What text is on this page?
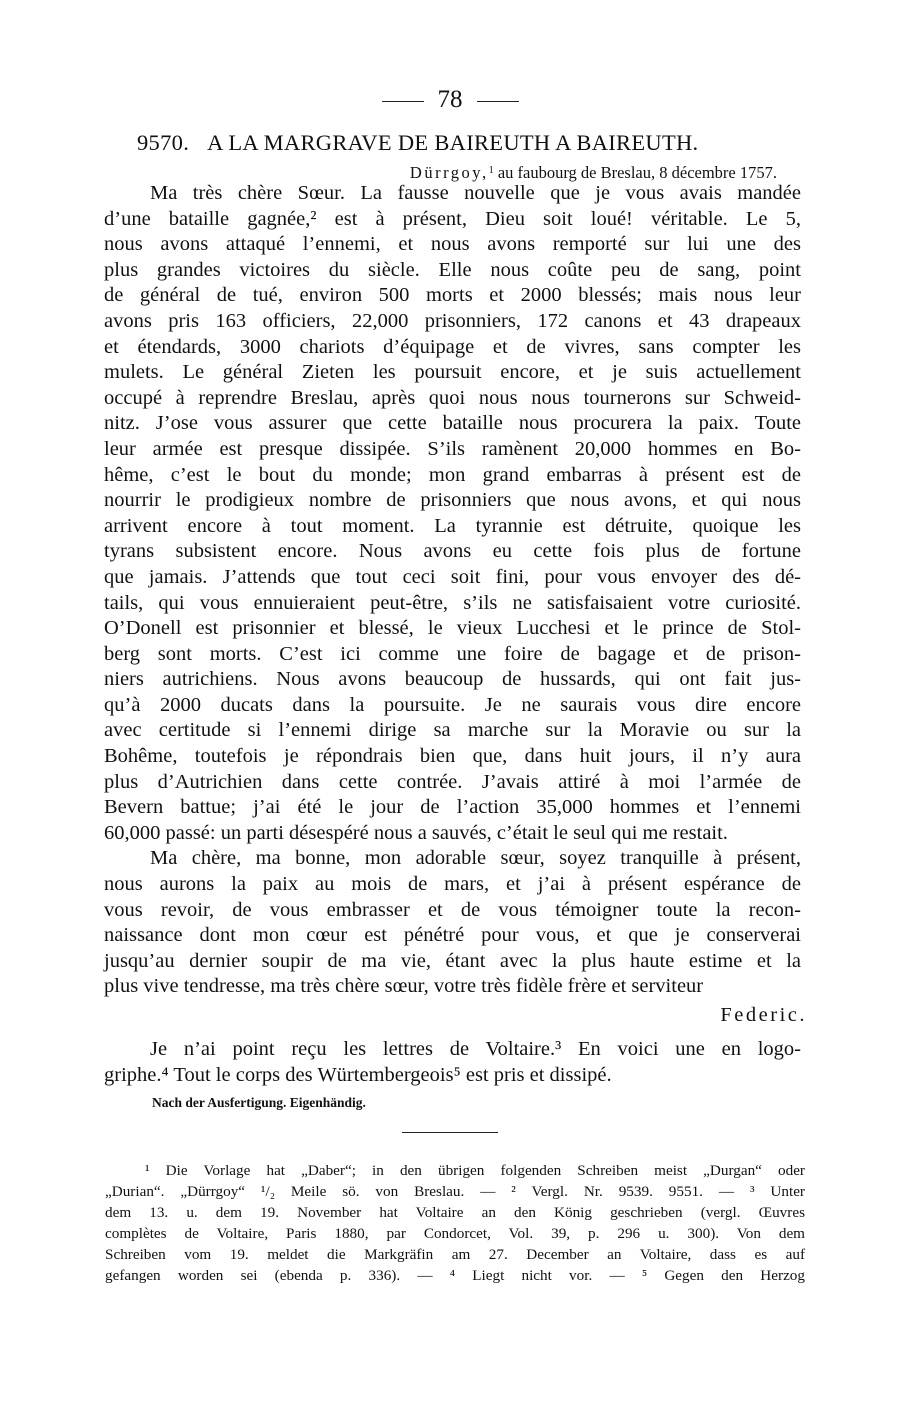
78
9570. A LA MARGRAVE DE BAIREUTH A BAIREUTH.
Dürrgoy,$^1$ au faubourg de Breslau, 8 décembre 1757.
Ma très chère Sœur. La fausse nouvelle que je vous avais mandée
d’une bataille gagnée,² est à présent, Dieu soit loué! véritable. Le 5,
nous avons attaqué l’ennemi, et nous avons remporté sur lui une des
plus grandes victoires du siècle. Elle nous coûte peu de sang, point
de général de tué, environ 500 morts et 2000 blessés; mais nous leur
avons pris 163 officiers, 22,000 prisonniers, 172 canons et 43 drapeaux
et étendards, 3000 chariots d’équipage et de vivres, sans compter les
mulets. Le général Zieten les poursuit encore, et je suis actuellement
occupé à reprendre Breslau, après quoi nous nous tournerons sur Schweid-
nitz. J’ose vous assurer que cette bataille nous procurera la paix. Toute
leur armée est presque dissipée. S’ils ramènent 20,000 hommes en Bo-
hême, c’est le bout du monde; mon grand embarras à présent est de
nourrir le prodigieux nombre de prisonniers que nous avons, et qui nous
arrivent encore à tout moment. La tyrannie est détruite, quoique les
tyrans subsistent encore. Nous avons eu cette fois plus de fortune
que jamais. J’attends que tout ceci soit fini, pour vous envoyer des dé-
tails, qui vous ennuieraient peut-être, s’ils ne satisfaisaient votre curiosité.
O’Donell est prisonnier et blessé, le vieux Lucchesi et le prince de Stol-
berg sont morts. C’est ici comme une foire de bagage et de prison-
niers autrichiens. Nous avons beaucoup de hussards, qui ont fait jus-
qu’à 2000 ducats dans la poursuite. Je ne saurais vous dire encore
avec certitude si l’ennemi dirige sa marche sur la Moravie ou sur la
Bohême, toutefois je répondrais bien que, dans huit jours, il n’y aura
plus d’Autrichien dans cette contrée. J’avais attiré à moi l’armée de
Bevern battue; j’ai été le jour de l’action 35,000 hommes et l’ennemi
60,000 passé: un parti désespéré nous a sauvés, c’était le seul qui me restait.
Ma chère, ma bonne, mon adorable sœur, soyez tranquille à présent,
nous aurons la paix au mois de mars, et j’ai à présent espérance de
vous revoir, de vous embrasser et de vous témoigner toute la recon-
naissance dont mon cœur est pénétré pour vous, et que je conserverai
jusqu’au dernier soupir de ma vie, étant avec la plus haute estime et la
plus vive tendresse, ma très chère sœur, votre très fidèle frère et serviteur
Federic.
Je n’ai point reçu les lettres de Voltaire.³ En voici une en logo-
griphe.⁴ Tout le corps des Würtembergeois⁵ est pris et dissipé.
Nach der Ausfertigung. Eigenhändig.
¹ Die Vorlage hat „Daber“; in den übrigen folgenden Schreiben meist „Durgan“ oder
„Durian“. „Dürrgoy“ ¹/₂ Meile sö. von Breslau. — ² Vergl. Nr. 9539. 9551. — ³ Unter
dem 13. u. dem 19. November hat Voltaire an den König geschrieben (vergl. Œuvres
complètes de Voltaire, Paris 1880, par Condorcet, Vol. 39, p. 296 u. 300). Von dem
Schreiben vom 19. meldet die Markgräfin am 27. December an Voltaire, dass es auf
gefangen worden sei (ebenda p. 336). — ⁴ Liegt nicht vor. — ⁵ Gegen den Herzog
